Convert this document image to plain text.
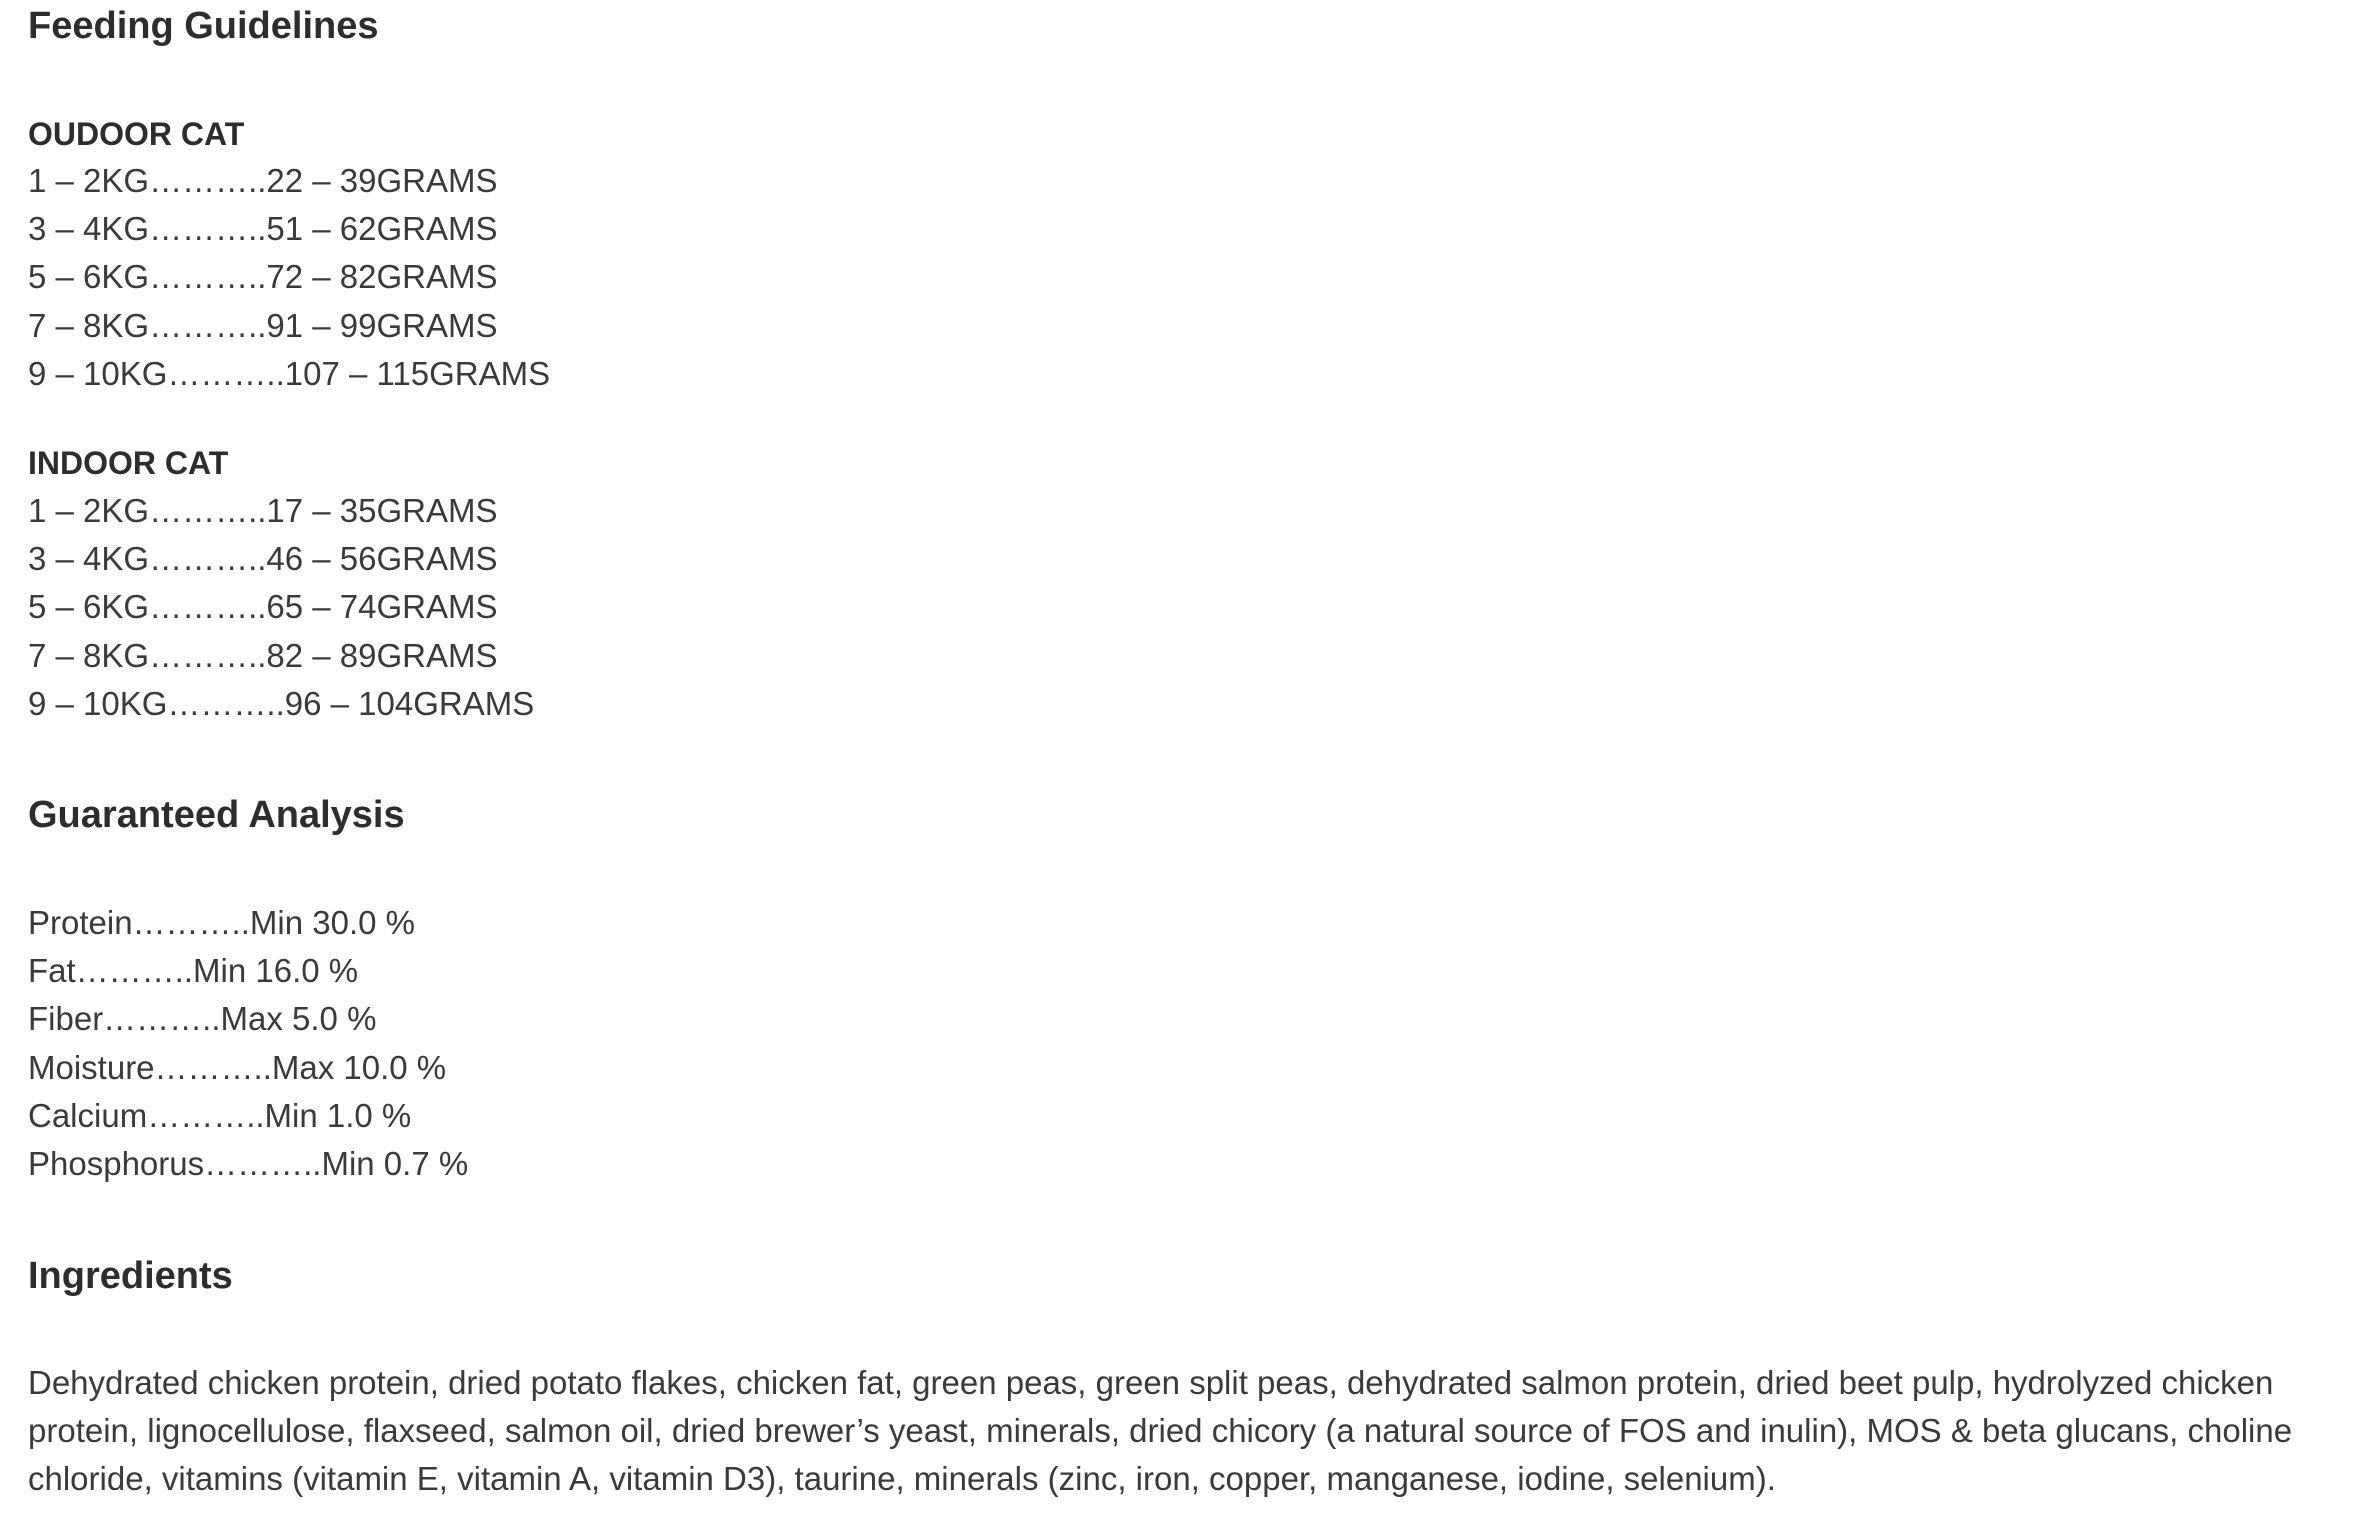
Feeding Guidelines
OUDOOR CAT
1 – 2KG………..22 – 39GRAMS
3 – 4KG………..51 – 62GRAMS
5 – 6KG………..72 – 82GRAMS
7 – 8KG………..91 – 99GRAMS
9 – 10KG………..107 – 115GRAMS
INDOOR CAT
1 – 2KG………..17 – 35GRAMS
3 – 4KG………..46 – 56GRAMS
5 – 6KG………..65 – 74GRAMS
7 – 8KG………..82 – 89GRAMS
9 – 10KG………..96 – 104GRAMS
Guaranteed Analysis
Protein………..Min 30.0 %
Fat………..Min 16.0 %
Fiber………..Max 5.0 %
Moisture………..Max 10.0 %
Calcium………..Min 1.0 %
Phosphorus………..Min 0.7 %
Ingredients

Dehydrated chicken protein, dried potato flakes, chicken fat, green peas, green split peas, dehydrated salmon protein, dried beet pulp, hydrolyzed chicken protein, lignocellulose, flaxseed, salmon oil, dried brewer’s yeast, minerals, dried chicory (a natural source of FOS and inulin), MOS & beta glucans, choline chloride, vitamins (vitamin E, vitamin A, vitamin D3), taurine, minerals (zinc, iron, copper, manganese, iodine, selenium).
